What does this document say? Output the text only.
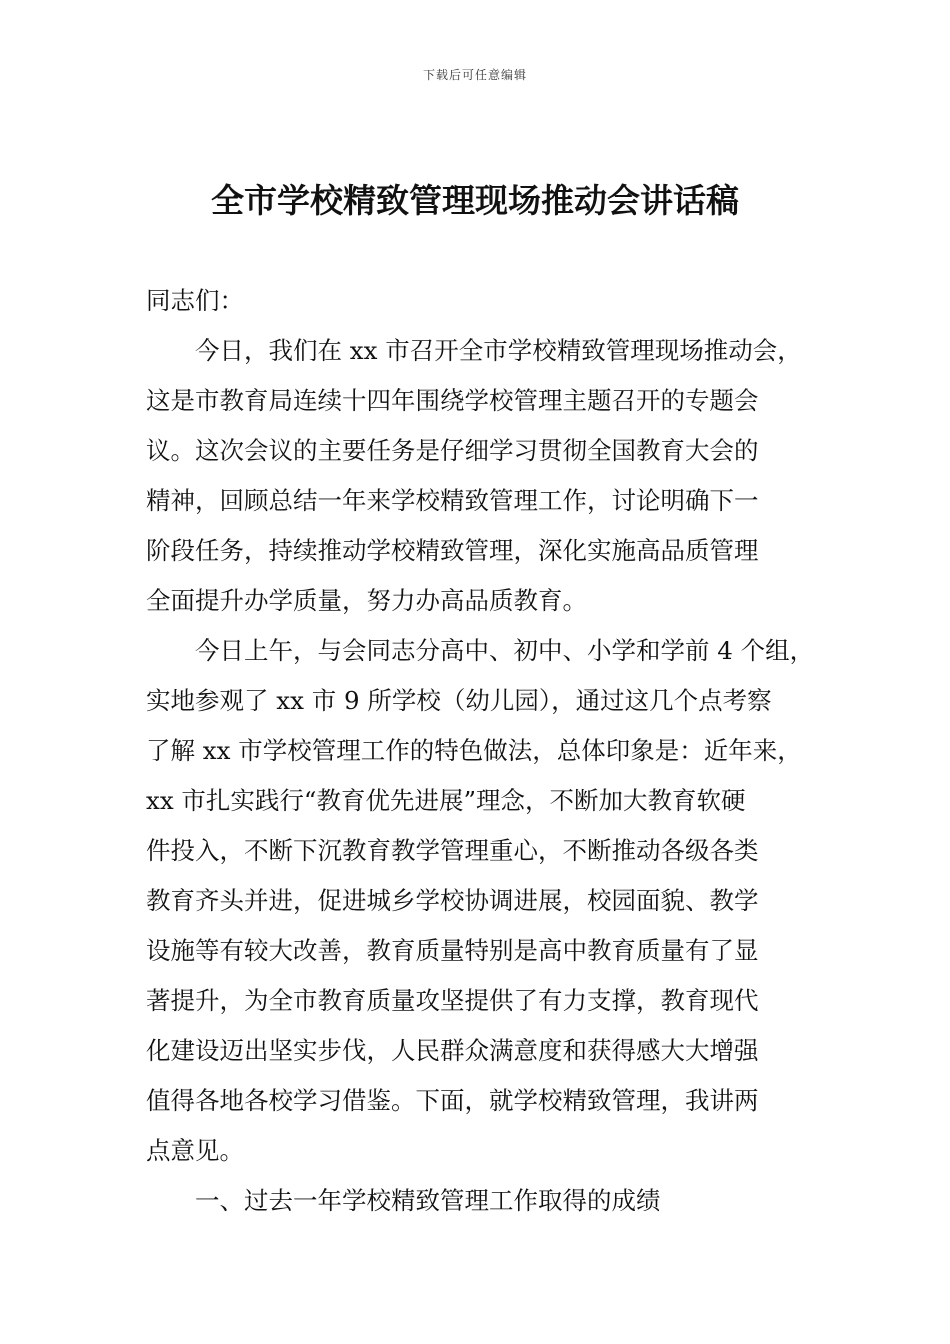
下载后可任意编辑
全市学校精致管理现场推动会讲话稿
同志们：
今日，我们在 xx 市召开全市学校精致管理现场推动会，
这是市教育局连续十四年围绕学校管理主题召开的专题会
议。这次会议的主要任务是仔细学习贯彻全国教育大会的
精神，回顾总结一年来学校精致管理工作，讨论明确下一
阶段任务，持续推动学校精致管理，深化实施高品质管理
全面提升办学质量，努力办高品质教育。
今日上午，与会同志分高中、初中、小学和学前 4 个组，
实地参观了 xx 市 9 所学校（幼儿园），通过这几个点考察
了解 xx 市学校管理工作的特色做法，总体印象是：近年来，
xx 市扎实践行“教育优先进展”理念，不断加大教育软硬
件投入，不断下沉教育教学管理重心，不断推动各级各类
教育齐头并进，促进城乡学校协调进展，校园面貌、教学
设施等有较大改善，教育质量特别是高中教育质量有了显
著提升，为全市教育质量攻坚提供了有力支撑，教育现代
化建设迈出坚实步伐，人民群众满意度和获得感大大增强
值得各地各校学习借鉴。下面，就学校精致管理，我讲两
点意见。
一、过去一年学校精致管理工作取得的成绩
